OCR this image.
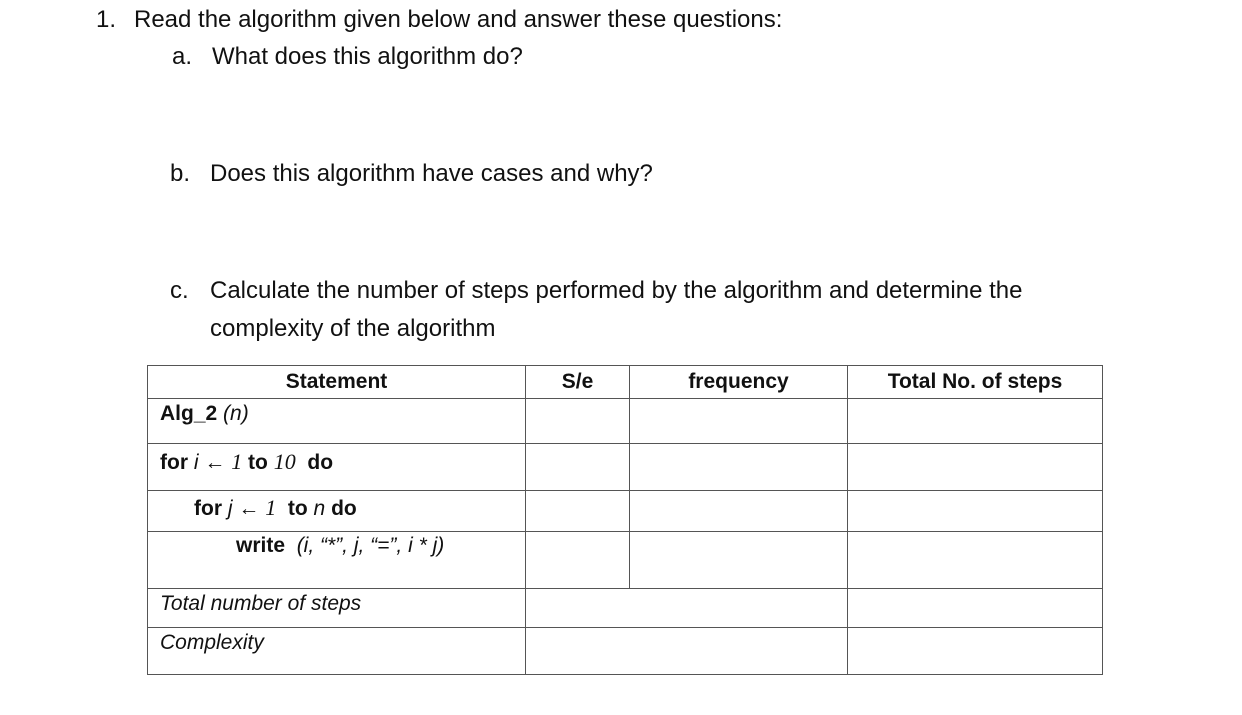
1. Read the algorithm given below and answer these questions:
a. What does this algorithm do?
b. Does this algorithm have cases and why?
c. Calculate the number of steps performed by the algorithm and determine the
complexity of the algorithm
Statement	S/e	frequency	Total No. of steps

Alg_2 (n)			

for i ← 1 to 10 do			

for j ← 1 to n do			

write (i, “*”, j, “=”, i * j)			

Total number of steps			

Complexity			
